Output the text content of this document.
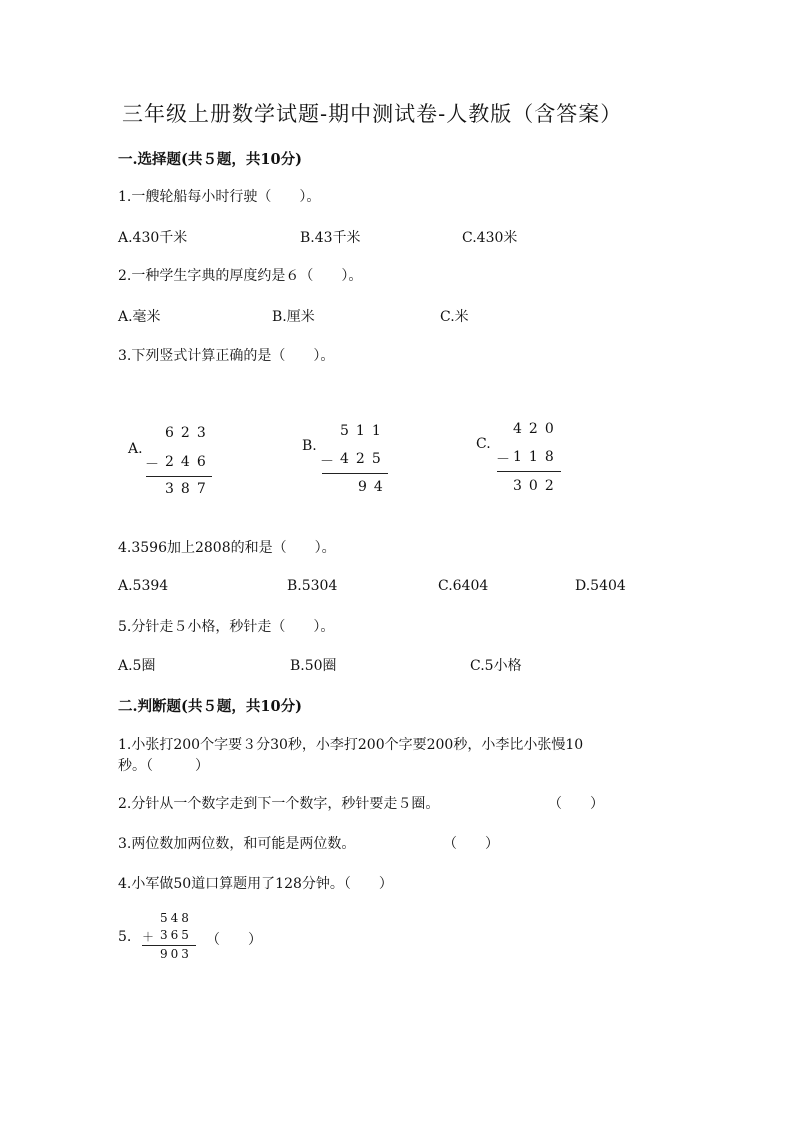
三年级上册数学试题-期中测试卷-人教版（含答案）
一.选择题(共５题，共10分)
1.一艘轮船每小时行驶（　　）。
A.430千米	B.43千米	C.430米
2.一种学生字典的厚度约是６（　　）。
A.毫米	B.厘米	C.米
3.下列竖式计算正确的是（　　）。
A.
623
－ 246
387
B.
511
－ 425
94
C.
420
－ 118
302
4.3596加上2808的和是（　　）。
A.5394	B.5304	C.6404	D.5404
5.分针走５小格，秒针走（　　）。
A.5圈	B.50圈	C.5小格
二.判断题(共５题，共10分)
1.小张打200个字要３分30秒，小李打200个字要200秒，小李比小张慢10
秒。（　　　）
2.分针从一个数字走到下一个数字，秒针要走５圈。	（　　）
3.两位数加两位数，和可能是两位数。	（　　）
4.小军做50道口算题用了128分钟。（　　）
5.
548
＋ 365
903
（　　）
